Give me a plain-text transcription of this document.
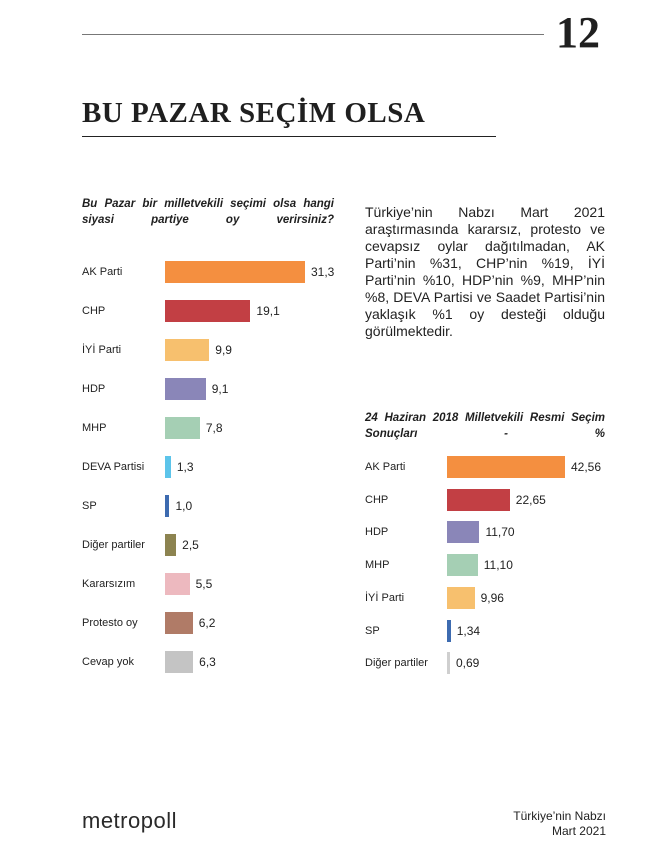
12
BU PAZAR SEÇİM OLSA
Bu Pazar bir milletvekili seçimi olsa hangi siyasi partiye oy verirsiniz?
AK Parti	31,3
CHP	19,1
İYİ Parti	9,9
HDP	9,1
MHP	7,8
DEVA Partisi	1,3
SP	1,0
Diğer partiler	2,5
Kararsızım	5,5
Protesto oy	6,2
Cevap yok	6,3
Türkiye’nin Nabzı Mart 2021 araştırmasında kararsız, protesto ve cevapsız oylar dağıtılmadan, AK Parti’nin %31, CHP’nin %19, İYİ Parti’nin %10, HDP’nin %9, MHP’nin %8, DEVA Partisi ve Saadet Partisi’nin yaklaşık %1 oy desteği olduğu görülmektedir.
24 Haziran 2018 Milletvekili Resmi Seçim Sonuçları - %
AK Parti	42,56
CHP	22,65
HDP	11,70
MHP	11,10
İYİ Parti	9,96
SP	1,34
Diğer partiler 0,69
metropoll	Türkiye’nin Nabzı
Mart 2021
